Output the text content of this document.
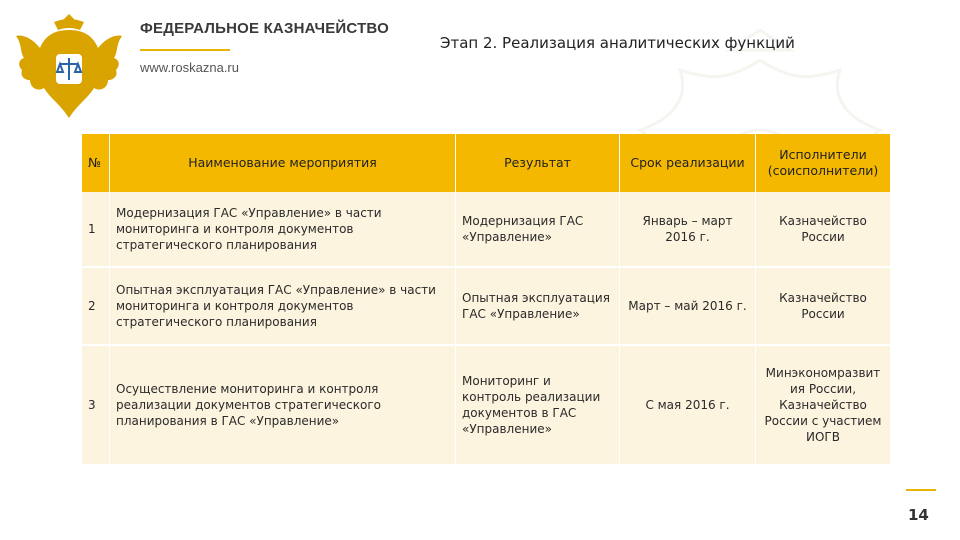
ФЕДЕРАЛЬНОЕ КАЗНАЧЕЙСТВО
www.roskazna.ru
Этап 2. Реализация аналитических функций
№	Наименование мероприятия	Результат	Срок реализации	Исполнители (соисполнители)
1	Модернизация ГАС «Управление» в части мониторинга и контроля документов стратегического планирования	Модернизация ГАС «Управление»	Январь – март 2016 г.	Казначейство России
2	Опытная эксплуатация ГАС «Управление» в части мониторинга и контроля документов стратегического планирования	Опытная эксплуатация ГАС «Управление»	Март – май 2016 г.	Казначейство России
3	Осуществление мониторинга и контроля реализации документов стратегического планирования в ГАС «Управление»	Мониторинг и контроль реализации документов в ГАС «Управление»	С мая 2016 г.	Минэкономразвит ия России, Казначейство России с участием ИОГВ
14
